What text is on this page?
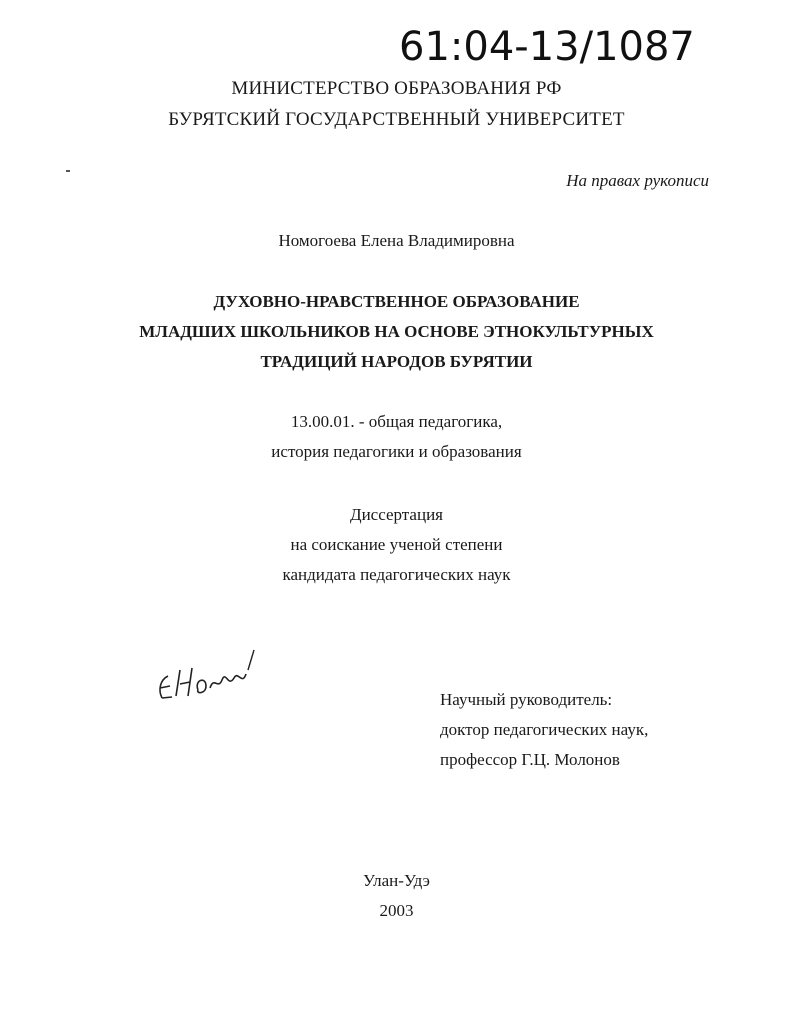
61:04-13/1087
МИНИСТЕРСТВО ОБРАЗОВАНИЯ РФ
БУРЯТСКИЙ ГОСУДАРСТВЕННЫЙ УНИВЕРСИТЕТ
На правах рукописи
Номогоева Елена Владимировна
ДУХОВНО-НРАВСТВЕННОЕ ОБРАЗОВАНИЕ
МЛАДШИХ ШКОЛЬНИКОВ НА ОСНОВЕ ЭТНОКУЛЬТУРНЫХ
ТРАДИЦИЙ НАРОДОВ БУРЯТИИ
13.00.01. - общая педагогика,
история педагогики и образования
Диссертация
на соискание ученой степени
кандидата педагогических наук
ЕНом
Научный руководитель:
доктор педагогических наук,
профессор Г.Ц. Молонов
Улан-Удэ
2003
